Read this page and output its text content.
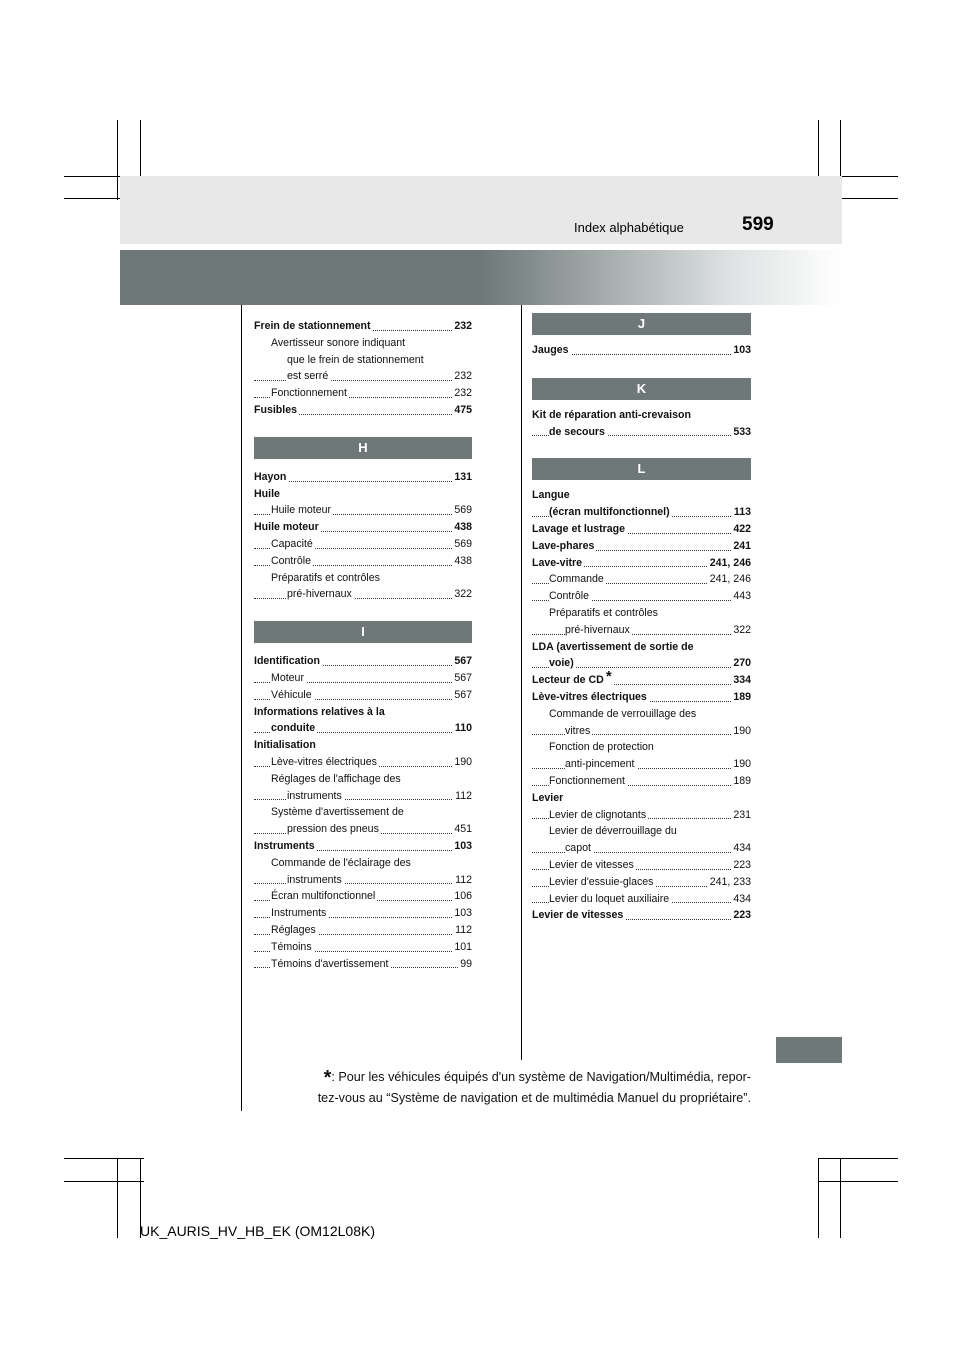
Index alphabétique	599
Frein de stationnement	232
Avertisseur sonore indiquant
que le frein de stationnement
est serré	232
Fonctionnement	232
Fusibles	475
H
Hayon	131
Huile
Huile moteur	569
Huile moteur	438
Capacité	569
Contrôle	438
Préparatifs et contrôles
pré-hivernaux	322
I
Identification	567
Moteur	567
Véhicule	567
Informations relatives à la
conduite	110
Initialisation
Lève-vitres électriques	190
Réglages de l'affichage des
instruments	112
Système d'avertissement de
pression des pneus	451
Instruments	103
Commande de l'éclairage des
instruments	112
Écran multifonctionnel	106
Instruments	103
Réglages	112
Témoins	101
Témoins d'avertissement	99
J
Jauges	103
K
Kit de réparation anti-crevaison
de secours	533
L
Langue
(écran multifonctionnel)	113
Lavage et lustrage	422
Lave-phares	241
Lave-vitre	241, 246
Commande	241, 246
Contrôle	443
Préparatifs et contrôles
pré-hivernaux	322
LDA (avertissement de sortie de
voie)	270
Lecteur de CD *	334
Lève-vitres électriques	189
Commande de verrouillage des
vitres	190
Fonction de protection
anti-pincement	190
Fonctionnement	189
Levier
Levier de clignotants	231
Levier de déverrouillage du
capot	434
Levier de vitesses	223
Levier d'essuie-glaces	241, 233
Levier du loquet auxiliaire	434
Levier de vitesses	223
*: Pour les véhicules équipés d'un système de Navigation/Multimédia, repor-
tez-vous au “Système de navigation et de multimédia Manuel du propriétaire”.
UK_AURIS_HV_HB_EK (OM12L08K)
